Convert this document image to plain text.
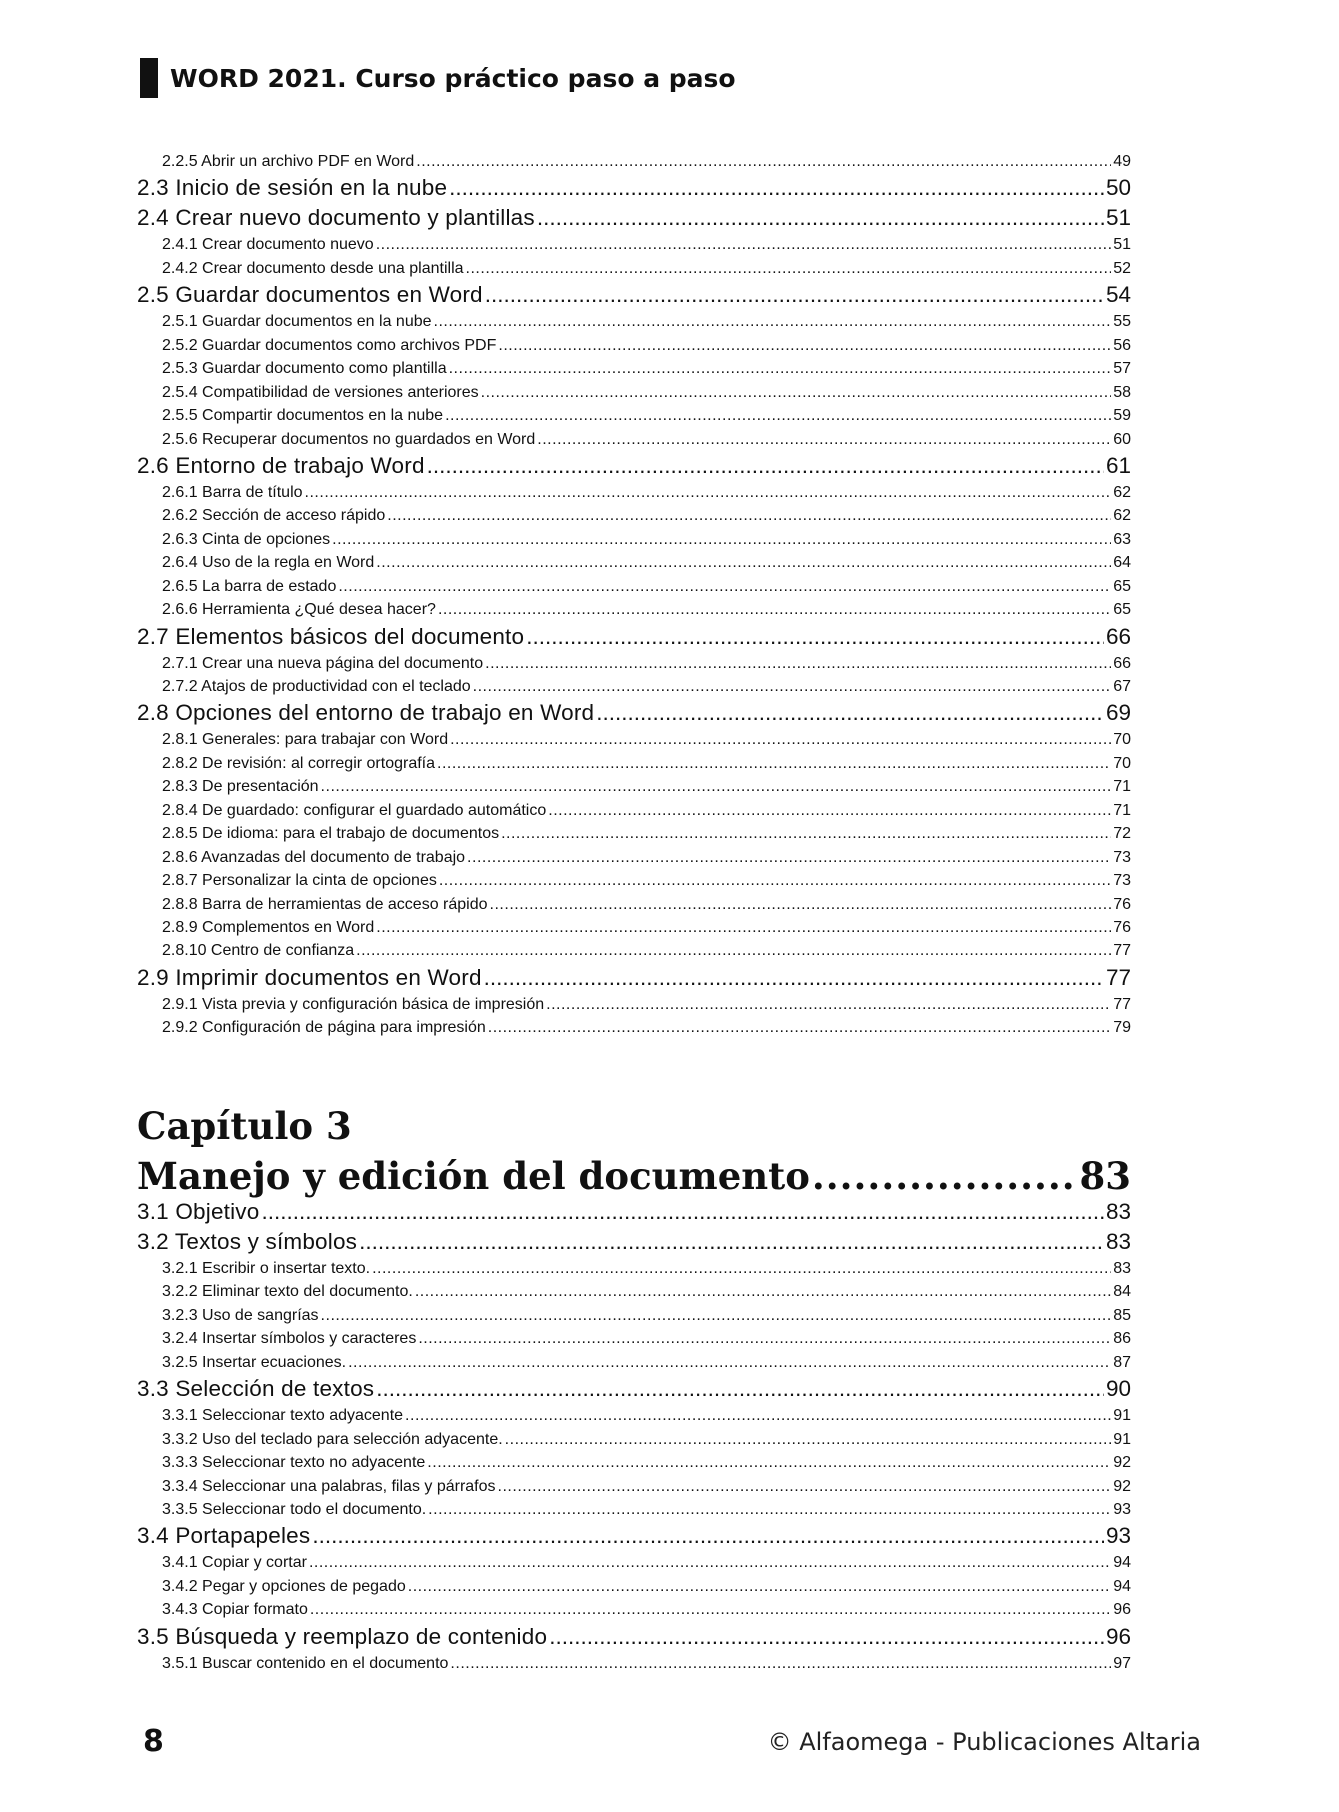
WORD 2021. Curso práctico paso a paso
2.2.5 Abrir un archivo PDF en Word .....	49
2.3 Inicio de sesión en la nube .....	50
2.4 Crear nuevo documento y plantillas .....	51
2.4.1 Crear documento nuevo .....	51
2.4.2 Crear documento desde una plantilla .....	52
2.5 Guardar documentos en Word .....	54
2.5.1 Guardar documentos en la nube .....	55
2.5.2 Guardar documentos como archivos PDF .....	56
2.5.3 Guardar documento como plantilla .....	57
2.5.4 Compatibilidad de versiones anteriores .....	58
2.5.5 Compartir documentos en la nube .....	59
2.5.6 Recuperar documentos no guardados en Word .....	60
2.6 Entorno de trabajo Word .....	61
2.6.1 Barra de título .....	62
2.6.2 Sección de acceso rápido .....	62
2.6.3 Cinta de opciones .....	63
2.6.4 Uso de la regla en Word .....	64
2.6.5 La barra de estado .....	65
2.6.6 Herramienta ¿Qué desea hacer? .....	65
2.7 Elementos básicos del documento .....	66
2.7.1 Crear una nueva página del documento .....	66
2.7.2 Atajos de productividad con el teclado .....	67
2.8 Opciones del entorno de trabajo en Word .....	69
2.8.1 Generales: para trabajar con Word .....	70
2.8.2 De revisión: al corregir ortografía .....	70
2.8.3 De presentación .....	71
2.8.4 De guardado: configurar el guardado automático .....	71
2.8.5 De idioma: para el trabajo de documentos .....	72
2.8.6 Avanzadas del documento de trabajo .....	73
2.8.7 Personalizar la cinta de opciones .....	73
2.8.8 Barra de herramientas de acceso rápido .....	76
2.8.9 Complementos en Word .....	76
2.8.10 Centro de confianza .....	77
2.9 Imprimir documentos en Word .....	77
2.9.1 Vista previa y configuración básica de impresión .....	77
2.9.2 Configuración de página para impresión .....	79
Capítulo 3
Manejo y edición del documento .....	83
3.1 Objetivo .....	83
3.2 Textos y símbolos .....	83
3.2.1 Escribir o insertar texto. .....	83
3.2.2 Eliminar texto del documento. .....	84
3.2.3 Uso de sangrías .....	85
3.2.4 Insertar símbolos y caracteres .....	86
3.2.5 Insertar ecuaciones. .....	87
3.3 Selección de textos .....	90
3.3.1 Seleccionar texto adyacente .....	91
3.3.2 Uso del teclado para selección adyacente. .....	91
3.3.3 Seleccionar texto no adyacente .....	92
3.3.4 Seleccionar una palabras, filas y párrafos .....	92
3.3.5 Seleccionar todo el documento. .....	93
3.4 Portapapeles .....	93
3.4.1 Copiar y cortar .....	94
3.4.2 Pegar y opciones de pegado .....	94
3.4.3 Copiar formato .....	96
3.5 Búsqueda y reemplazo de contenido .....	96
3.5.1 Buscar contenido en el documento .....	97
8	© Alfaomega - Publicaciones Altaria
